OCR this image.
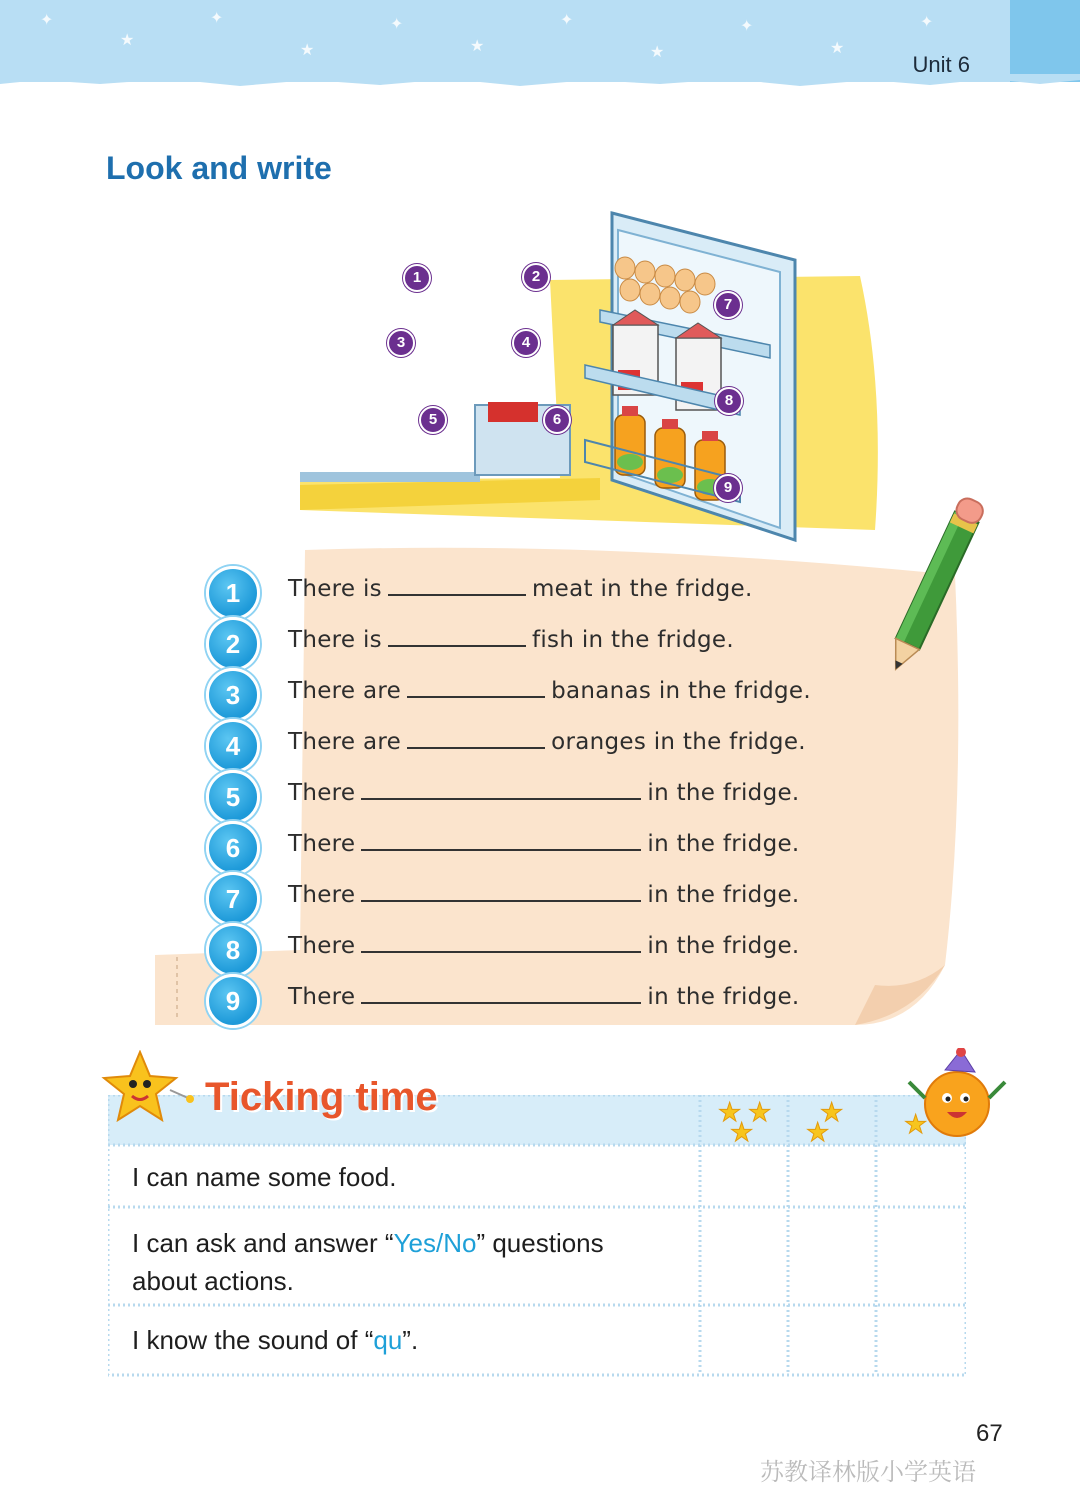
✦
★
✦
★
✦
★
✦
★
✦
★
✦
Unit 6
Look and write
1	2
3	4
5	6
7
8
9
1	There is	meat in the fridge.
2	There is	fish in the fridge.
3	There are	bananas in the fridge.
4	There are	oranges in the fridge.
5	There	in the fridge.
6	There	in the fridge.
7	There	in the fridge.
8	There	in the fridge.
9	There	in the fridge.
★ ★
★
★
★	★
Ticking time
I can name some food.
I can ask and answer “Yes/No” questions
about actions.
I know the sound of “qu”.
67
苏教译林版小学英语
